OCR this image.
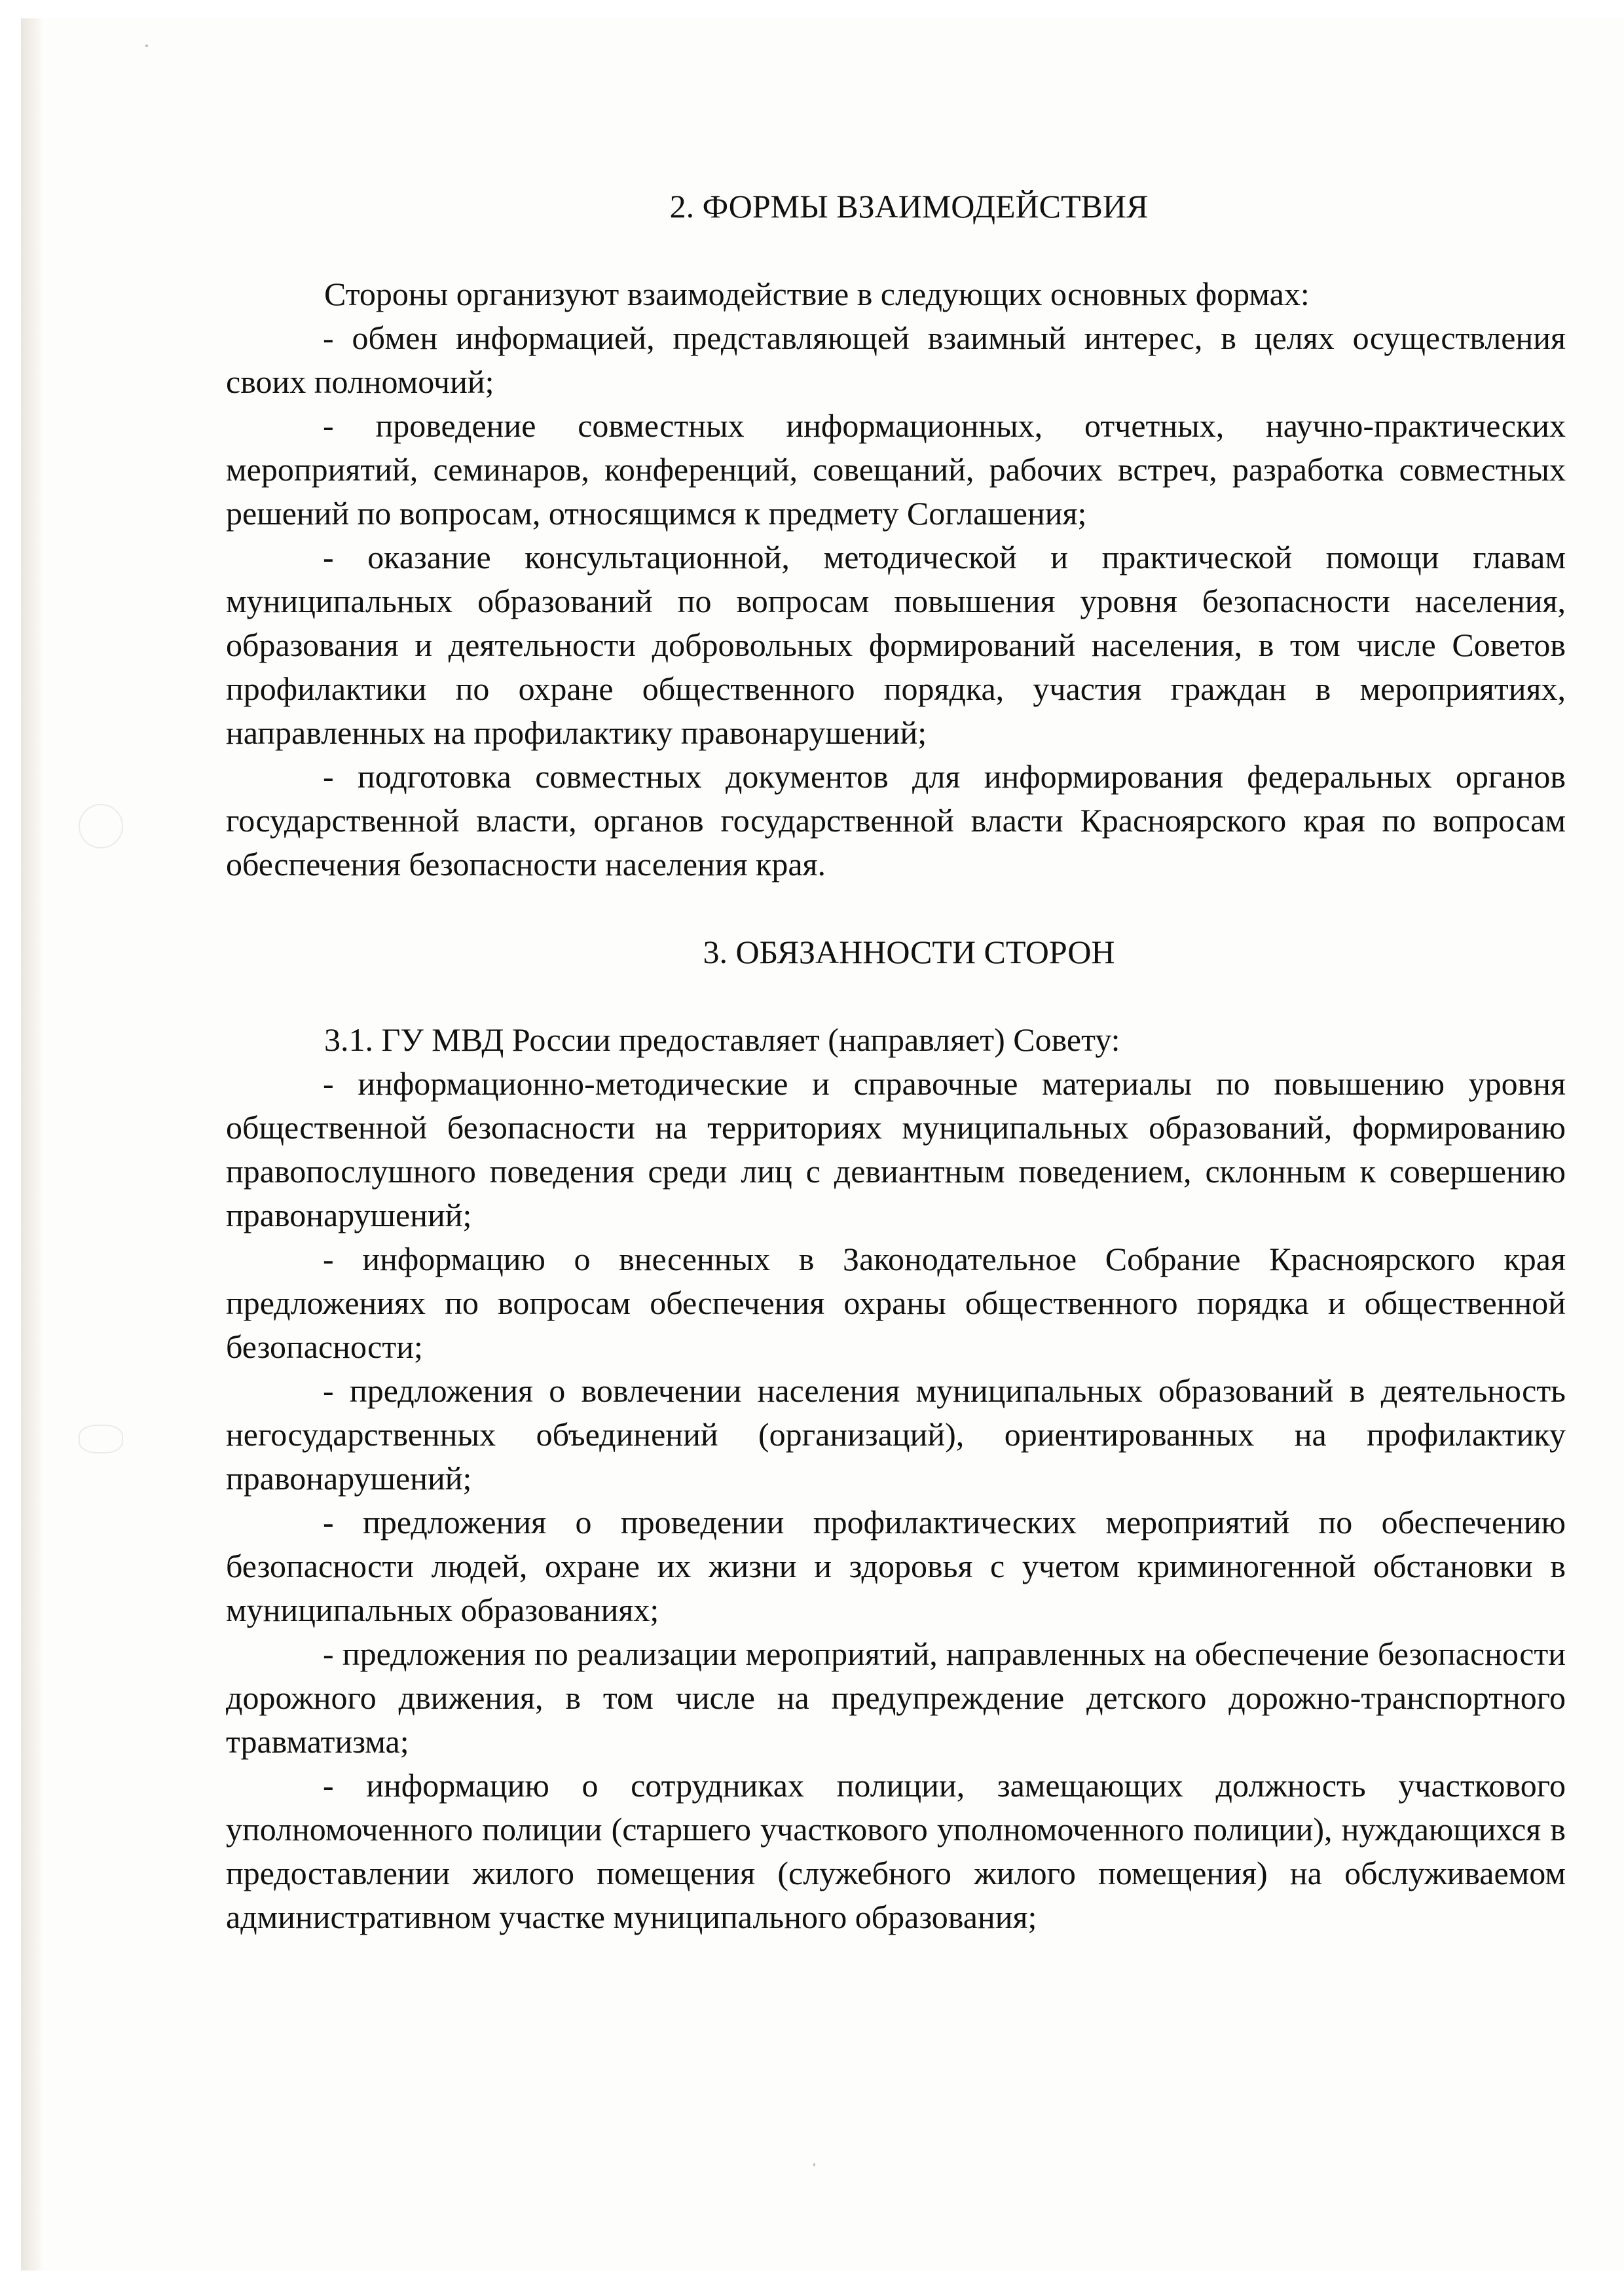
2. ФОРМЫ ВЗАИМОДЕЙСТВИЯ

Стороны организуют взаимодействие в следующих основных формах:

- обмен информацией, представляющей взаимный интерес, в целях осуществления своих полномочий;

- проведение совместных информационных, отчетных, научно-практических мероприятий, семинаров, конференций, совещаний, рабочих встреч, разработка совместных решений по вопросам, относящимся к предмету Соглашения;

- оказание консультационной, методической и практической помощи главам муниципальных образований по вопросам повышения уровня безопасности населения, образования и деятельности добровольных формирований населения, в том числе Советов профилактики по охране общественного порядка, участия граждан в мероприятиях, направленных на профилактику правонарушений;

- подготовка совместных документов для информирования федеральных органов государственной власти, органов государственной власти Красноярского края по вопросам обеспечения безопасности населения края.

3. ОБЯЗАННОСТИ СТОРОН

3.1. ГУ МВД России предоставляет (направляет) Совету:

- информационно-методические и справочные материалы по повышению уровня общественной безопасности на территориях муниципальных образований, формированию правопослушного поведения среди лиц с девиантным поведением, склонным к совершению правонарушений;

- информацию о внесенных в Законодательное Собрание Красноярского края предложениях по вопросам обеспечения охраны общественного порядка и общественной безопасности;

- предложения о вовлечении населения муниципальных образований в деятельность негосударственных объединений (организаций), ориентированных на профилактику правонарушений;

- предложения о проведении профилактических мероприятий по обеспечению безопасности людей, охране их жизни и здоровья с учетом криминогенной обстановки в муниципальных образованиях;

- предложения по реализации мероприятий, направленных на обеспечение безопасности дорожного движения, в том числе на предупреждение детского дорожно-транспортного травматизма;

- информацию о сотрудниках полиции, замещающих должность участкового уполномоченного полиции (старшего участкового уполномоченного полиции), нуждающихся в предоставлении жилого помещения (служебного жилого помещения) на обслуживаемом административном участке муниципального образования;
